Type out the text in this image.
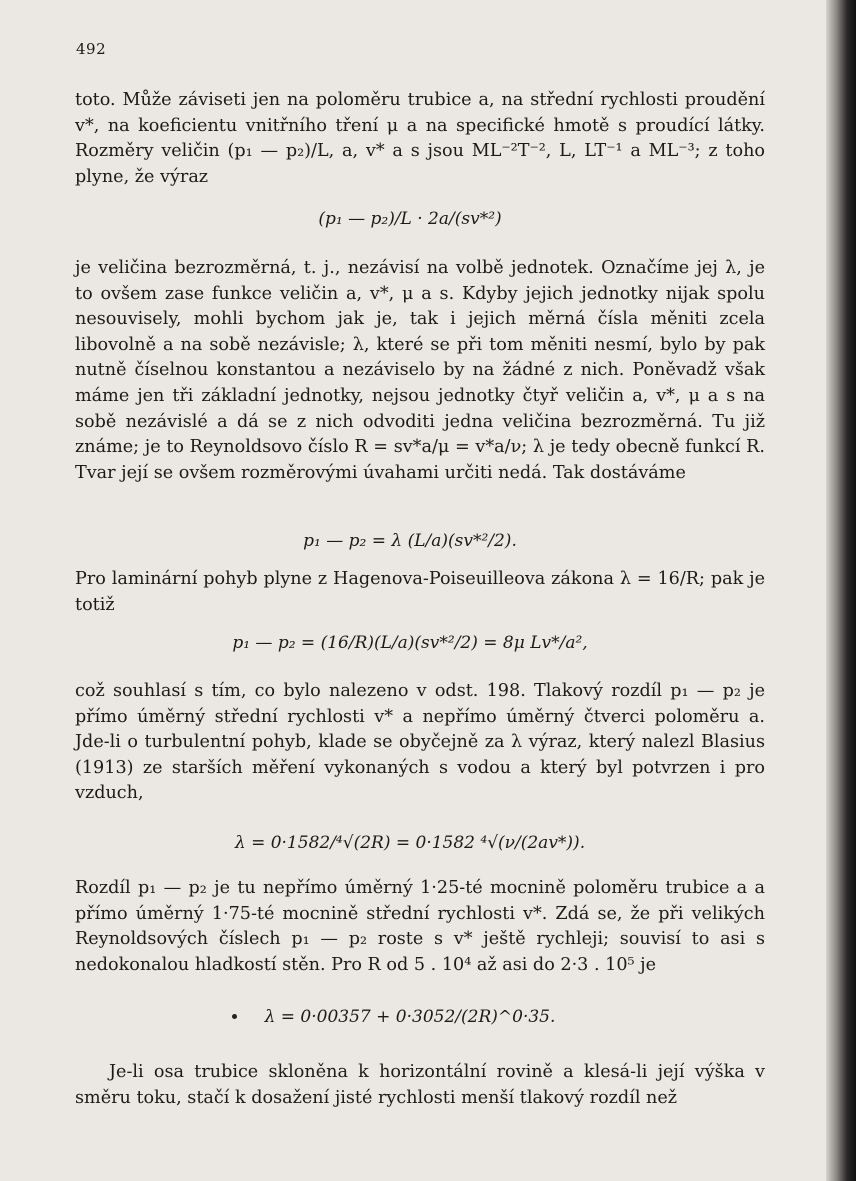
492
toto. Může záviseti jen na poloměru trubice a, na střední rychlosti proudění v*, na koeficientu vnitřního tření μ a na specifické hmotě s proudící látky. Rozměry veličin (p₁ — p₂)/L, a, v* a s jsou ML⁻²T⁻², L, LT⁻¹ a ML⁻³; z toho plyne, že výraz
(p₁ — p₂)/L · 2a/(sv*²)
je veličina bezrozměrná, t. j., nezávisí na volbě jednotek. Označíme jej λ, je to ovšem zase funkce veličin a, v*, μ a s. Kdyby jejich jednotky nijak spolu nesouvisely, mohli bychom jak je, tak i jejich měrná čísla měniti zcela libovolně a na sobě nezávisle; λ, které se při tom měniti nesmí, bylo by pak nutně číselnou konstantou a nezáviselo by na žádné z nich. Poněvadž však máme jen tři základní jednotky, nejsou jednotky čtyř veličin a, v*, μ a s na sobě nezávislé a dá se z nich odvoditi jedna veličina bezrozměrná. Tu již známe; je to Reynoldsovo číslo R = sv*a/μ = v*a/ν; λ je tedy obecně funkcí R. Tvar její se ovšem rozměrovými úvahami určiti nedá. Tak dostáváme
p₁ — p₂ = λ (L/a)(sv*²/2).
Pro laminární pohyb plyne z Hagenova-Poiseuilleova zákona λ = 16/R; pak je totiž
p₁ — p₂ = (16/R)(L/a)(sv*²/2) = 8μ Lv*/a²,
což souhlasí s tím, co bylo nalezeno v odst. 198. Tlakový rozdíl p₁ — p₂ je přímo úměrný střední rychlosti v* a nepřímo úměrný čtverci poloměru a. Jde-li o turbulentní pohyb, klade se obyčejně za λ výraz, který nalezl Blasius (1913) ze starších měření vykonaných s vodou a který byl potvrzen i pro vzduch,
λ = 0·1582/⁴√(2R) = 0·1582 ⁴√(ν/(2av*)).
Rozdíl p₁ — p₂ je tu nepřímo úměrný 1·25-té mocnině poloměru trubice a a přímo úměrný 1·75-té mocnině střední rychlosti v*. Zdá se, že při velikých Reynoldsových číslech p₁ — p₂ roste s v* ještě rychleji; souvisí to asi s nedokonalou hladkostí stěn. Pro R od 5 . 10⁴ až asi do 2·3 . 10⁵ je
λ = 0·00357 + 0·3052/(2R)^0·35.
Je-li osa trubice skloněna k horizontální rovině a klesá-li její výška v směru toku, stačí k dosažení jisté rychlosti menší tlakový rozdíl než
